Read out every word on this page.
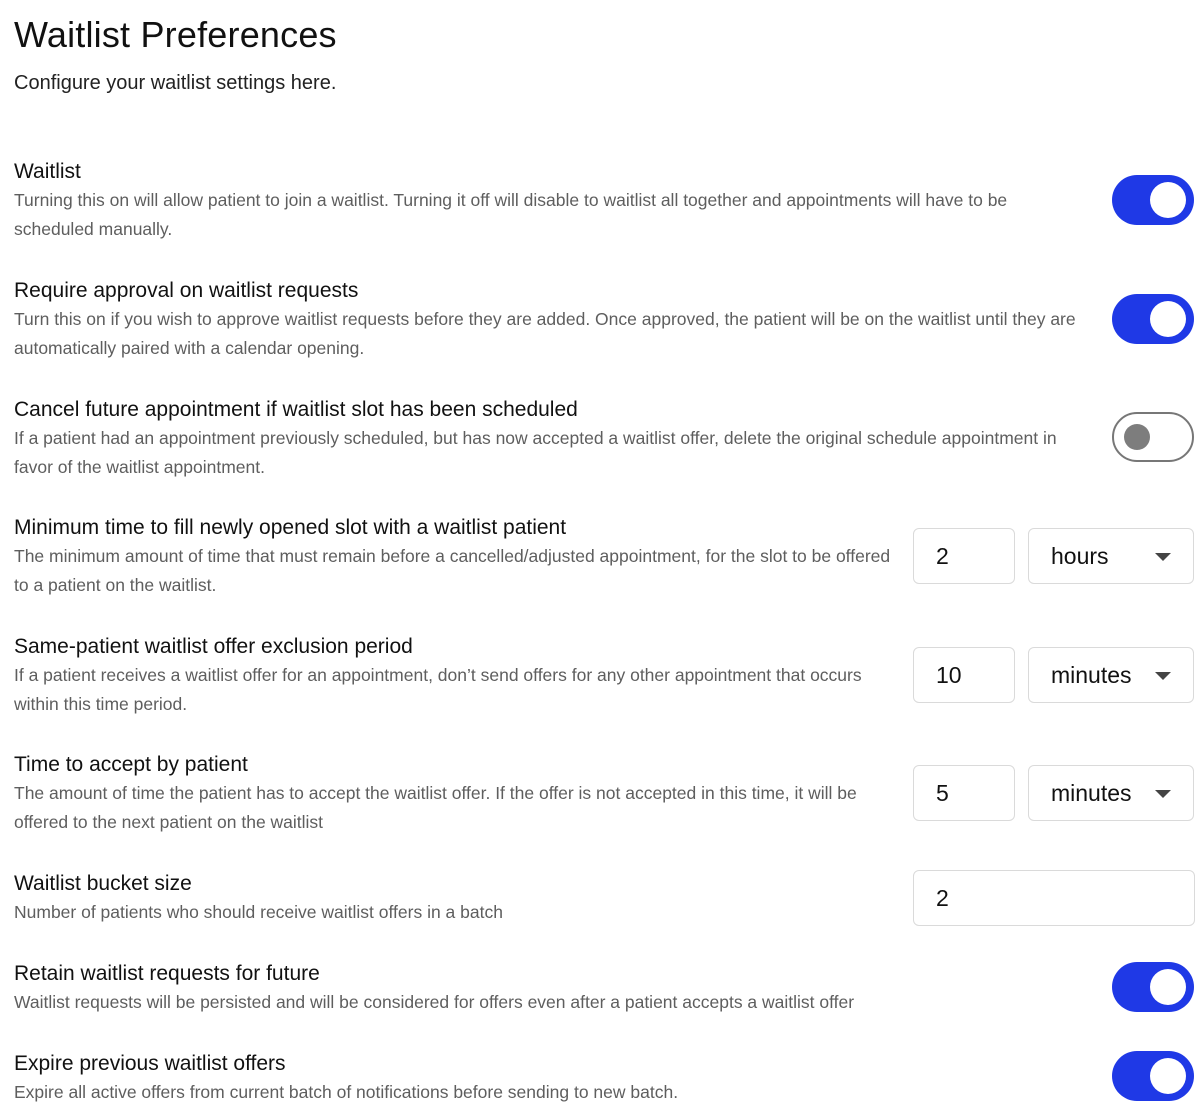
Waitlist Preferences

Configure your waitlist settings here.

Waitlist

Turning this on will allow patient to join a waitlist. Turning it off will disable to waitlist all together and appointments will have to be scheduled manually.

Require approval on waitlist requests

Turn this on if you wish to approve waitlist requests before they are added. Once approved, the patient will be on the waitlist until they are automatically paired with a calendar opening.

Cancel future appointment if waitlist slot has been scheduled

If a patient had an appointment previously scheduled, but has now accepted a waitlist offer, delete the original schedule appointment in favor of the waitlist appointment.

Minimum time to fill newly opened slot with a waitlist patient

The minimum amount of time that must remain before a cancelled/adjusted appointment, for the slot to be offered to a patient on the waitlist.

2
hours

Same-patient waitlist offer exclusion period

If a patient receives a waitlist offer for an appointment, don’t send offers for any other appointment that occurs within this time period.

10
minutes

Time to accept by patient

The amount of time the patient has to accept the waitlist offer. If the offer is not accepted in this time, it will be offered to the next patient on the waitlist

5
minutes

Waitlist bucket size

Number of patients who should receive waitlist offers in a batch

2

Retain waitlist requests for future

Waitlist requests will be persisted and will be considered for offers even after a patient accepts a waitlist offer

Expire previous waitlist offers

Expire all active offers from current batch of notifications before sending to new batch.
